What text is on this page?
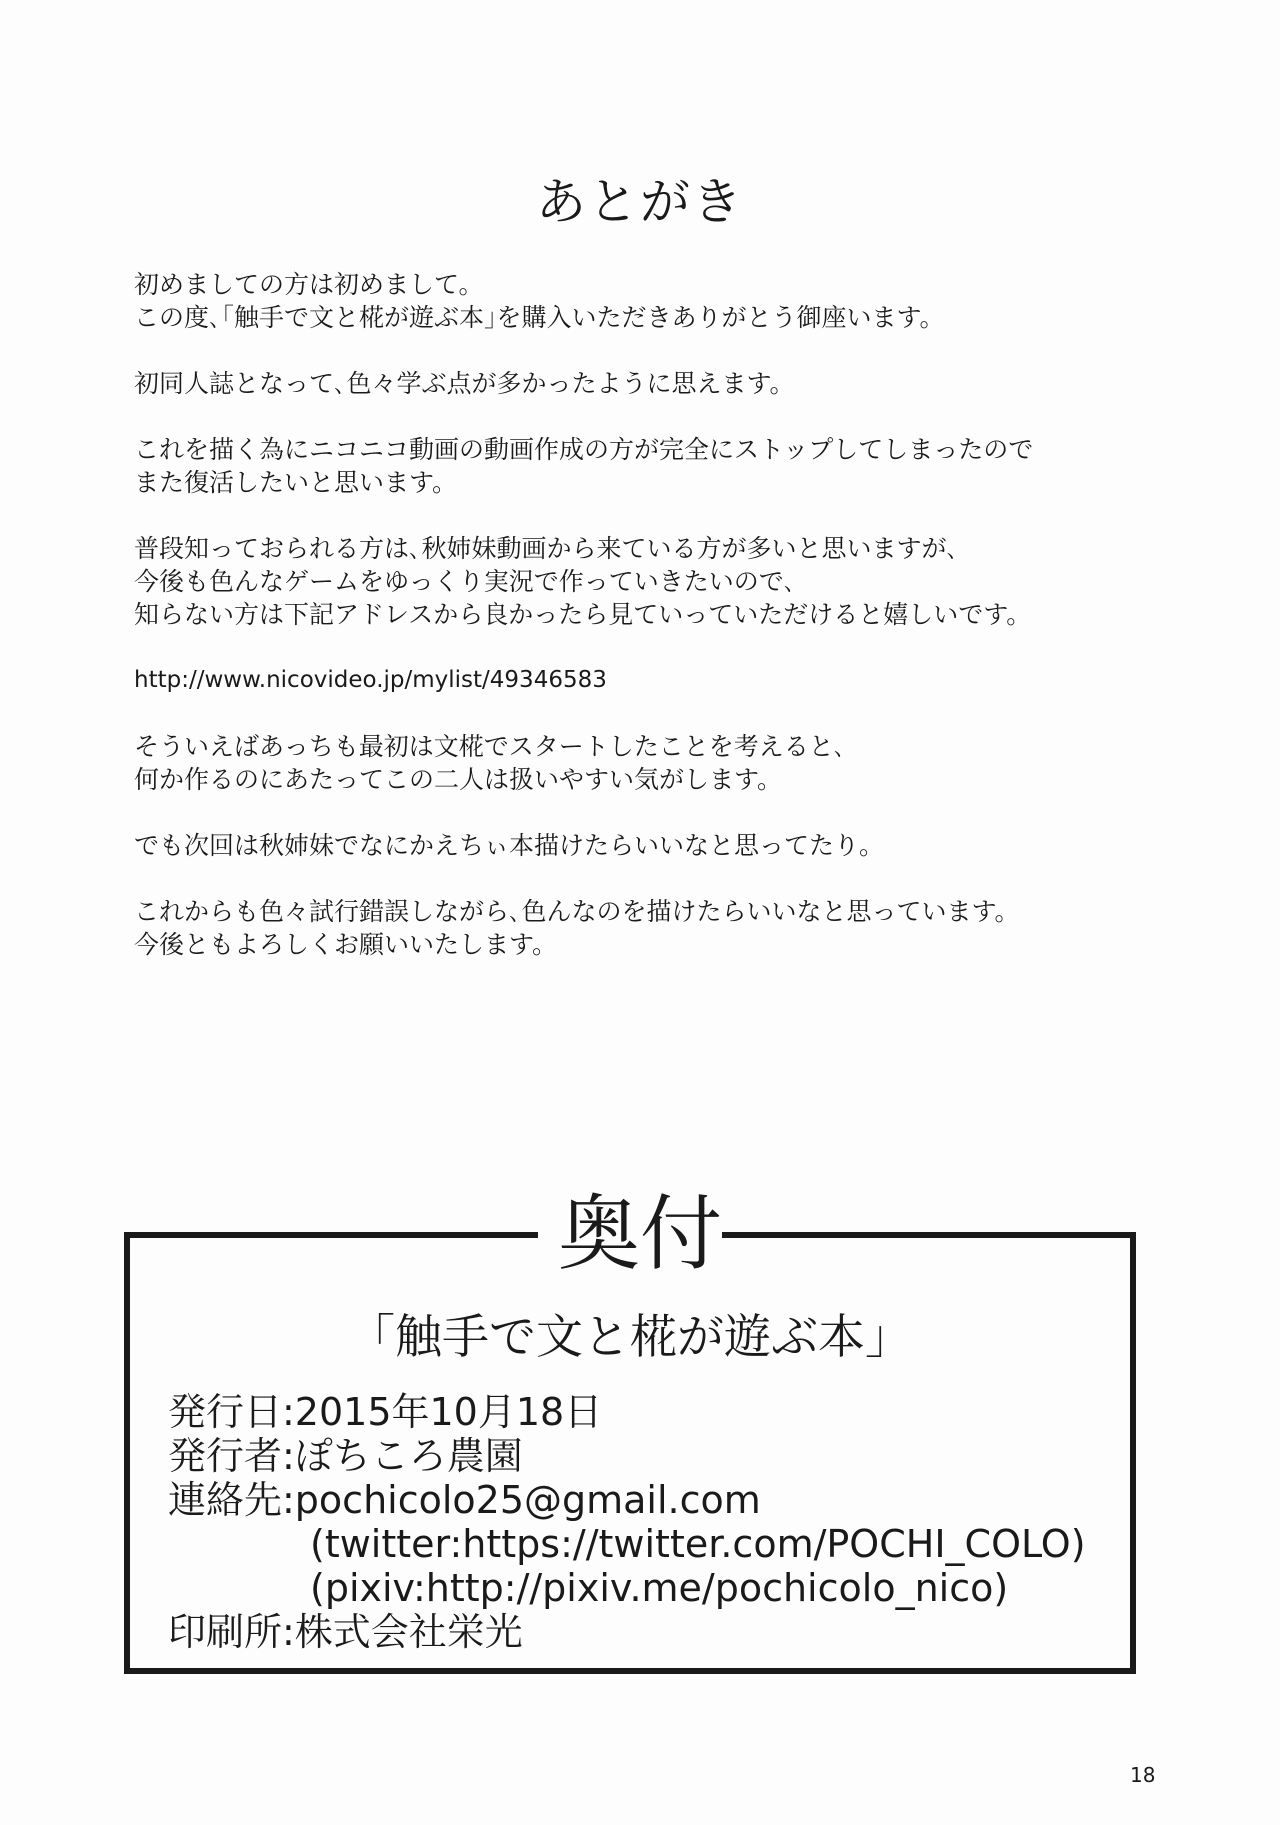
あとがき

初めましての方は初めまして。
この度､｢触手で文と椛が遊ぶ本｣を購入いただきありがとう御座います。

初同人誌となって､色々学ぶ点が多かったように思えます。

これを描く為にニコニコ動画の動画作成の方が完全にストップしてしまったので
また復活したいと思います。

普段知っておられる方は､秋姉妹動画から来ている方が多いと思いますが､
今後も色んなゲームをゆっくり実況で作っていきたいので､
知らない方は下記アドレスから良かったら見ていっていただけると嬉しいです。

http://www.nicovideo.jp/mylist/49346583

そういえばあっちも最初は文椛でスタートしたことを考えると､
何か作るのにあたってこの二人は扱いやすい気がします。

でも次回は秋姉妹でなにかえちぃ本描けたらいいなと思ってたり。

これからも色々試行錯誤しながら､色んなのを描けたらいいなと思っています。
今後ともよろしくお願いいたします。

奥付
｢触手で文と椛が遊ぶ本｣
発行日:2015年10月18日
発行者:ぽちころ農園
連絡先:pochicolo25@gmail.com
(twitter:https://twitter.com/POCHI_COLO)
(pixiv:http://pixiv.me/pochicolo_nico)
印刷所:株式会社栄光
18
